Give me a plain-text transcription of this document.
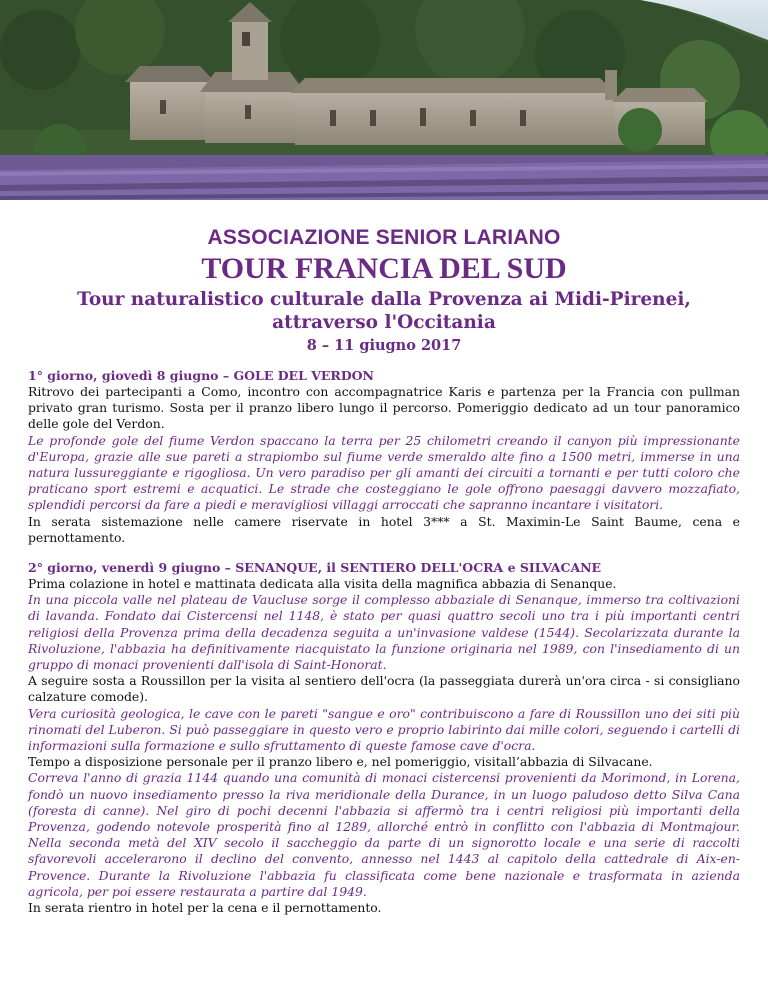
ASSOCIAZIONE SENIOR LARIANO
TOUR FRANCIA DEL SUD
Tour naturalistico culturale dalla Provenza ai Midi-Pirenei,
attraverso l'Occitania
8 – 11 giugno 2017
1° giorno, giovedì 8 giugno – GOLE DEL VERDON

Ritrovo dei partecipanti a Como, incontro con accompagnatrice Karis e partenza per la Francia con pullman privato gran turismo. Sosta per il pranzo libero lungo il percorso. Pomeriggio dedicato ad un tour panoramico delle gole del Verdon.

Le profonde gole del fiume Verdon spaccano la terra per 25 chilometri creando il canyon più impressionante d'Europa, grazie alle sue pareti a strapiombo sul fiume verde smeraldo alte fino a 1500 metri, immerse in una natura lussureggiante e rigogliosa. Un vero paradiso per gli amanti dei circuiti a tornanti e per tutti coloro che praticano sport estremi e acquatici. Le strade che costeggiano le gole offrono paesaggi davvero mozzafiato, splendidi percorsi da fare a piedi e meravigliosi villaggi arroccati che sapranno incantare i visitatori.

In serata sistemazione nelle camere riservate in hotel 3*** a St. Maximin-Le Saint Baume, cena e pernottamento.

2° giorno, venerdì 9 giugno – SENANQUE, il SENTIERO DELL'OCRA e SILVACANE

Prima colazione in hotel e mattinata dedicata alla visita della magnifica abbazia di Senanque.

In una piccola valle nel plateau de Vaucluse sorge il complesso abbaziale di Senanque, immerso tra coltivazioni di lavanda. Fondato dai Cistercensi nel 1148, è stato per quasi quattro secoli uno tra i più importanti centri religiosi della Provenza prima della decadenza seguita a un'invasione valdese (1544). Secolarizzata durante la Rivoluzione, l'abbazia ha definitivamente riacquistato la funzione originaria nel 1989, con l'insediamento di un gruppo di monaci provenienti dall'isola di Saint-Honorat.

A seguire sosta a Roussillon per la visita al sentiero dell'ocra (la passeggiata durerà un'ora circa - si consigliano calzature comode).

Vera curiosità geologica, le cave con le pareti "sangue e oro" contribuiscono a fare di Roussillon uno dei siti più rinomati del Luberon. Si può passeggiare in questo vero e proprio labirinto dai mille colori, seguendo i cartelli di informazioni sulla formazione e sullo sfruttamento di queste famose cave d'ocra.

Tempo a disposizione personale per il pranzo libero e, nel pomeriggio, visitall’abbazia di Silvacane.

Correva l'anno di grazia 1144 quando una comunità di monaci cistercensi provenienti da Morimond, in Lorena, fondò un nuovo insediamento presso la riva meridionale della Durance, in un luogo paludoso detto Silva Cana (foresta di canne). Nel giro di pochi decenni l'abbazia si affermò tra i centri religiosi più importanti della Provenza, godendo notevole prosperità fino al 1289, allorché entrò in conflitto con l'abbazia di Montmajour. Nella seconda metà del XIV secolo il saccheggio da parte di un signorotto locale e una serie di raccolti sfavorevoli accelerarono il declino del convento, annesso nel 1443 al capitolo della cattedrale di Aix-en-Provence. Durante la Rivoluzione l'abbazia fu classificata come bene nazionale e trasformata in azienda agricola, per poi essere restaurata a partire dal 1949.

In serata rientro in hotel per la cena e il pernottamento.
